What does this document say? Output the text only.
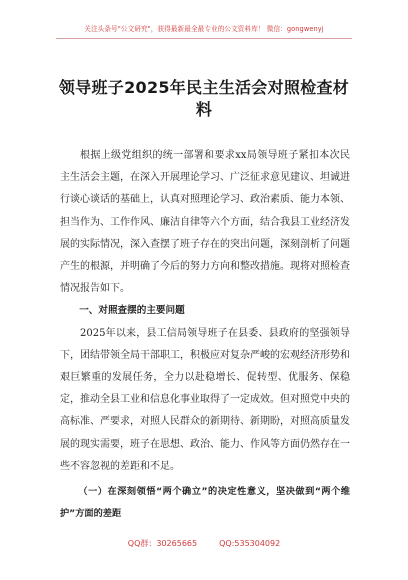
关注头条号"公文研究"，获得最新最全最专业的公文资料库！ 微信：gongwenyj
领导班子2025年民主生活会对照检查材料

根据上级党组织的统一部署和要求xx局领导班子紧扣本次民主生活会主题，在深入开展理论学习、广泛征求意见建议、坦诚进行谈心谈话的基础上，认真对照理论学习、政治素质、能力本领、担当作为、工作作风、廉洁自律等六个方面，结合我县工业经济发展的实际情况，深入查摆了班子存在的突出问题，深刻剖析了问题产生的根源，并明确了今后的努力方向和整改措施。现将对照检查情况报告如下。

一、对照查摆的主要问题

2025年以来，县工信局领导班子在县委、县政府的坚强领导下，团结带领全局干部职工，积极应对复杂严峻的宏观经济形势和艰巨繁重的发展任务，全力以赴稳增长、促转型、优服务、保稳定，推动全县工业和信息化事业取得了一定成效。但对照党中央的高标准、严要求，对照人民群众的新期待、新期盼，对照高质量发展的现实需要，班子在思想、政治、能力、作风等方面仍然存在一些不容忽视的差距和不足。

（一）在深刻领悟“两个确立”的决定性意义，坚决做到“两个维护”方面的差距

QQ群：30265665	QQ:535304092
